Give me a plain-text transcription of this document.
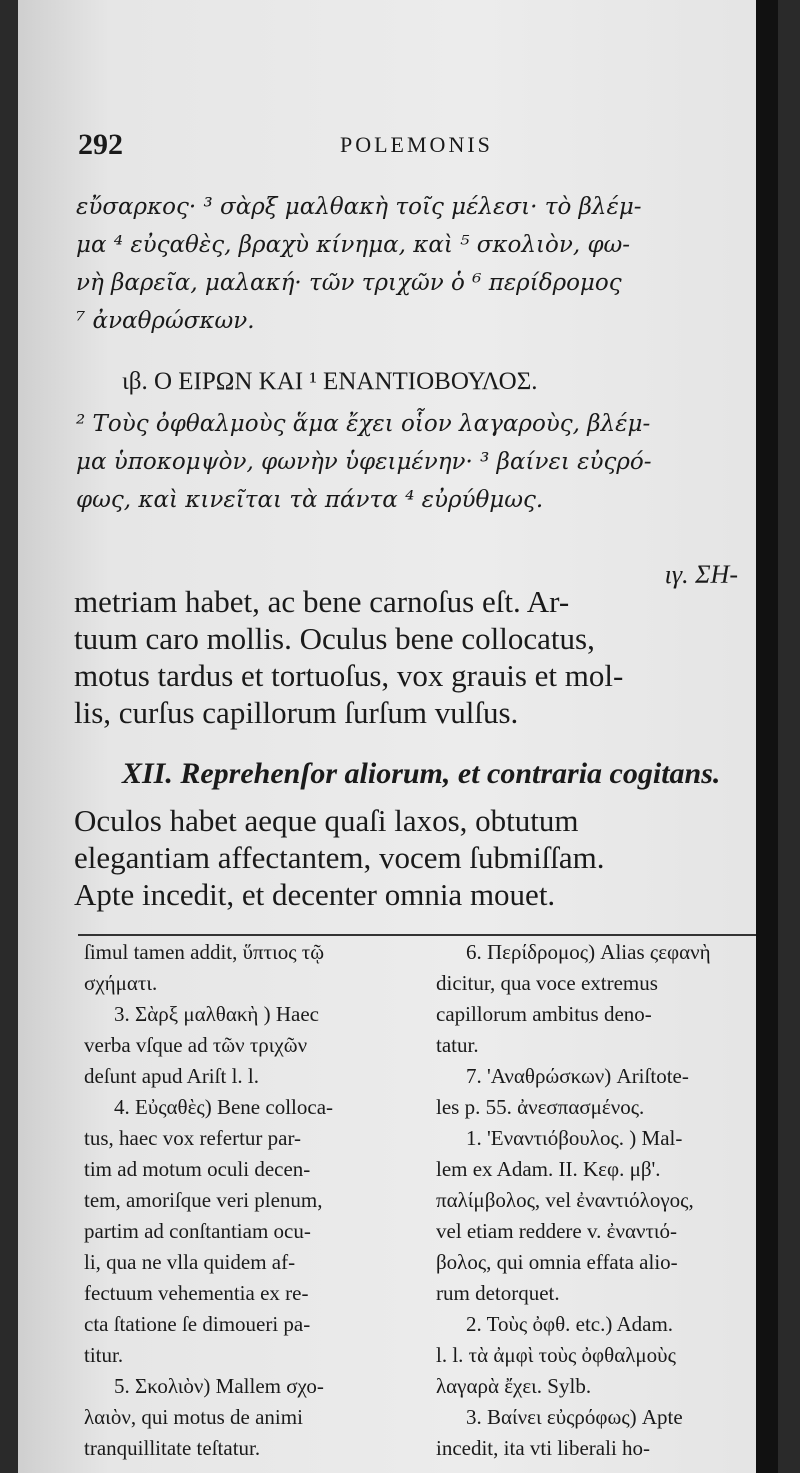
292	POLEMONIS
εὔσαρκος· ³ σὰρξ μαλθακὴ τοῖς μέλεσι· τὸ βλέμ-
μα ⁴ εὐςαθὲς, βραχὺ κίνημα, καὶ ⁵ σκολιὸν, φω-
νὴ βαρεῖα, μαλακή· τῶν τριχῶν ὁ ⁶ περίδρομος
⁷ ἀναθρώσκων.
ιβ. Ο ΕΙΡΩΝ ΚΑΙ ¹ ΕΝΑΝΤΙΟΒΟΥΛΟΣ.
² Τοὺς ὀφθαλμοὺς ἅμα ἔχει οἷον λαγαροὺς, βλέμ-
μα ὑποκομψὸν, φωνὴν ὑφειμένην· ³ βαίνει εὐςρό-
φως, καὶ κινεῖται τὰ πάντα ⁴ εὐρύθμως.
ιγ. ΣΗ-
metriam habet, ac bene carnoſus eſt. Ar-
tuum caro mollis. Oculus bene collocatus,
motus tardus et tortuoſus, vox grauis et mol-
lis, curſus capillorum ſurſum vulſus.
XII. Reprehenſor aliorum, et contraria cogitans.
Oculos habet aeque quaſi laxos, obtutum
elegantiam affectantem, vocem ſubmiſſam.
Apte incedit, et decenter omnia mouet.
ſimul tamen addit, ὕπτιος τῷ
σχήματι.
3. Σὰρξ μαλθακὴ ) Haec
verba vſque ad τῶν τριχῶν
deſunt apud Ariſt l. l.
4. Εὐςαθὲς) Bene colloca-
tus, haec vox refertur par-
tim ad motum oculi decen-
tem, amoriſque veri plenum,
partim ad conſtantiam ocu-
li, qua ne vlla quidem af-
fectuum vehementia ex re-
cta ſtatione ſe dimoueri pa-
titur.
5. Σκολιὸν) Mallem σχο-
λαιὸν, qui motus de animi
tranquillitate teſtatur.
6. Περίδρομος) Alias ςεφανὴ
dicitur, qua voce extremus
capillorum ambitus deno-
tatur.
7. 'Αναθρώσκων) Ariſtote-
les p. 55. ἀνεσπασμένος.
1. 'Εναντιόβουλος. ) Mal-
lem ex Adam. II. Κεφ. μβ'.
παλίμβολος, vel ἐναντιόλογος,
vel etiam reddere v. ἐναντιό-
βολος, qui omnia effata alio-
rum detorquet.
2. Τοὺς ὀφθ. etc.) Adam.
l. l. τὰ ἀμφὶ τοὺς ὀφθαλμοὺς
λαγαρὰ ἔχει. Sylb.
3. Βαίνει εὐςρόφως) Apte
incedit, ita vti liberali ho-
